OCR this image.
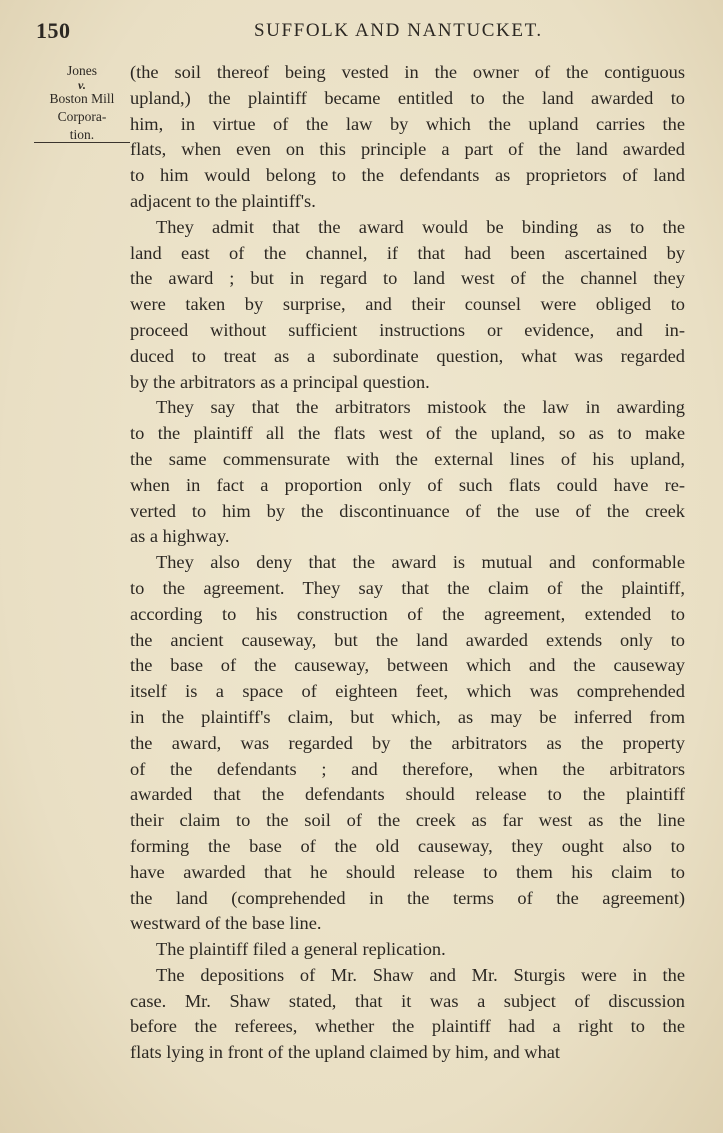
150	SUFFOLK AND NANTUCKET.
Jones
v.
Boston Mill
Corpora-
tion.
(the soil thereof being vested in the owner of the contiguous
upland,) the plaintiff became entitled to the land awarded to
him, in virtue of the law by which the upland carries the
flats, when even on this principle a part of the land awarded
to him would belong to the defendants as proprietors of land
adjacent to the plaintiff's.
They admit that the award would be binding as to the
land east of the channel, if that had been ascertained by
the award ; but in regard to land west of the channel they
were taken by surprise, and their counsel were obliged to
proceed without sufficient instructions or evidence, and in-
duced to treat as a subordinate question, what was regarded
by the arbitrators as a principal question.
They say that the arbitrators mistook the law in awarding
to the plaintiff all the flats west of the upland, so as to make
the same commensurate with the external lines of his upland,
when in fact a proportion only of such flats could have re-
verted to him by the discontinuance of the use of the creek
as a highway.
They also deny that the award is mutual and conformable
to the agreement. They say that the claim of the plaintiff,
according to his construction of the agreement, extended to
the ancient causeway, but the land awarded extends only to
the base of the causeway, between which and the causeway
itself is a space of eighteen feet, which was comprehended
in the plaintiff's claim, but which, as may be inferred from
the award, was regarded by the arbitrators as the property
of the defendants ; and therefore, when the arbitrators
awarded that the defendants should release to the plaintiff
their claim to the soil of the creek as far west as the line
forming the base of the old causeway, they ought also to
have awarded that he should release to them his claim to
the land (comprehended in the terms of the agreement)
westward of the base line.
The plaintiff filed a general replication.
The depositions of Mr. Shaw and Mr. Sturgis were in the
case. Mr. Shaw stated, that it was a subject of discussion
before the referees, whether the plaintiff had a right to the
flats lying in front of the upland claimed by him, and what
